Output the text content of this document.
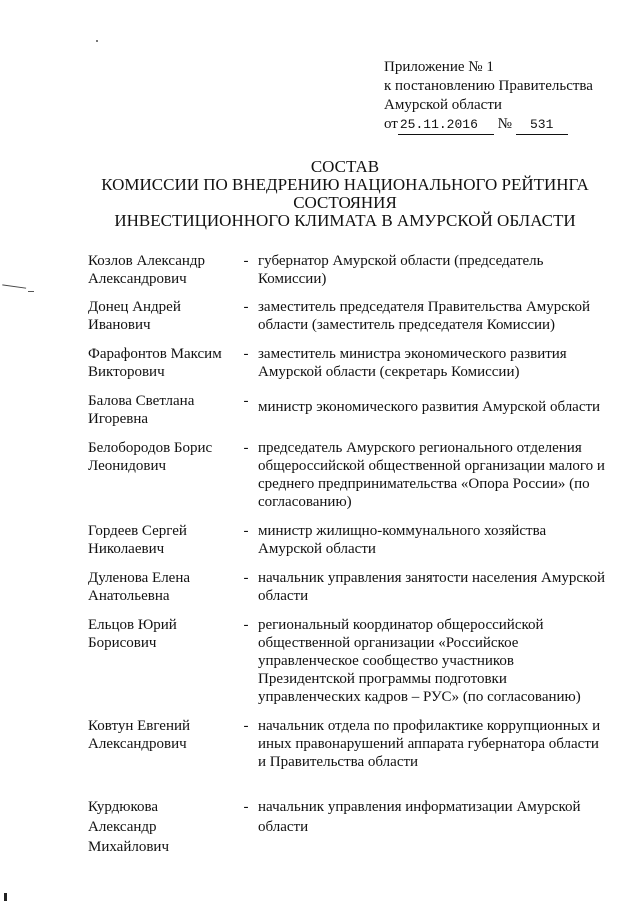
Приложение № 1
к постановлению Правительства
Амурской области
от 25.11.2016 № 531
СОСТАВ
КОМИССИИ ПО ВНЕДРЕНИЮ НАЦИОНАЛЬНОГО РЕЙТИНГА
СОСТОЯНИЯ
ИНВЕСТИЦИОННОГО КЛИМАТА В АМУРСКОЙ ОБЛАСТИ
Козлов Александр
Александрович
- губернатор Амурской области (председатель
Комиссии)
Донец Андрей
Иванович
- заместитель председателя Правительства Амурской
области (заместитель председателя Комиссии)
Фарафонтов Максим
Викторович
- заместитель министра экономического развития
Амурской области (секретарь Комиссии)
Балова Светлана
Игоревна
- министр экономического развития Амурской области
Белобородов Борис
Леонидович
- председатель Амурского регионального отделения
общероссийской общественной организации малого и
среднего предпринимательства «Опора России» (по
согласованию)
Гордеев Сергей
Николаевич
- министр жилищно-коммунального хозяйства
Амурской области
Дуленова Елена
Анатольевна
- начальник управления занятости населения Амурской
области
Ельцов Юрий
Борисович
- региональный координатор общероссийской
общественной организации «Российское
управленческое сообщество участников
Президентской программы подготовки
управленческих кадров – РУС» (по согласованию)
Ковтун Евгений
Александрович
- начальник отдела по профилактике коррупционных и
иных правонарушений аппарата губернатора области
и Правительства области
Курдюкова
Александр
Михайлович
- начальник управления информатизации Амурской
области
